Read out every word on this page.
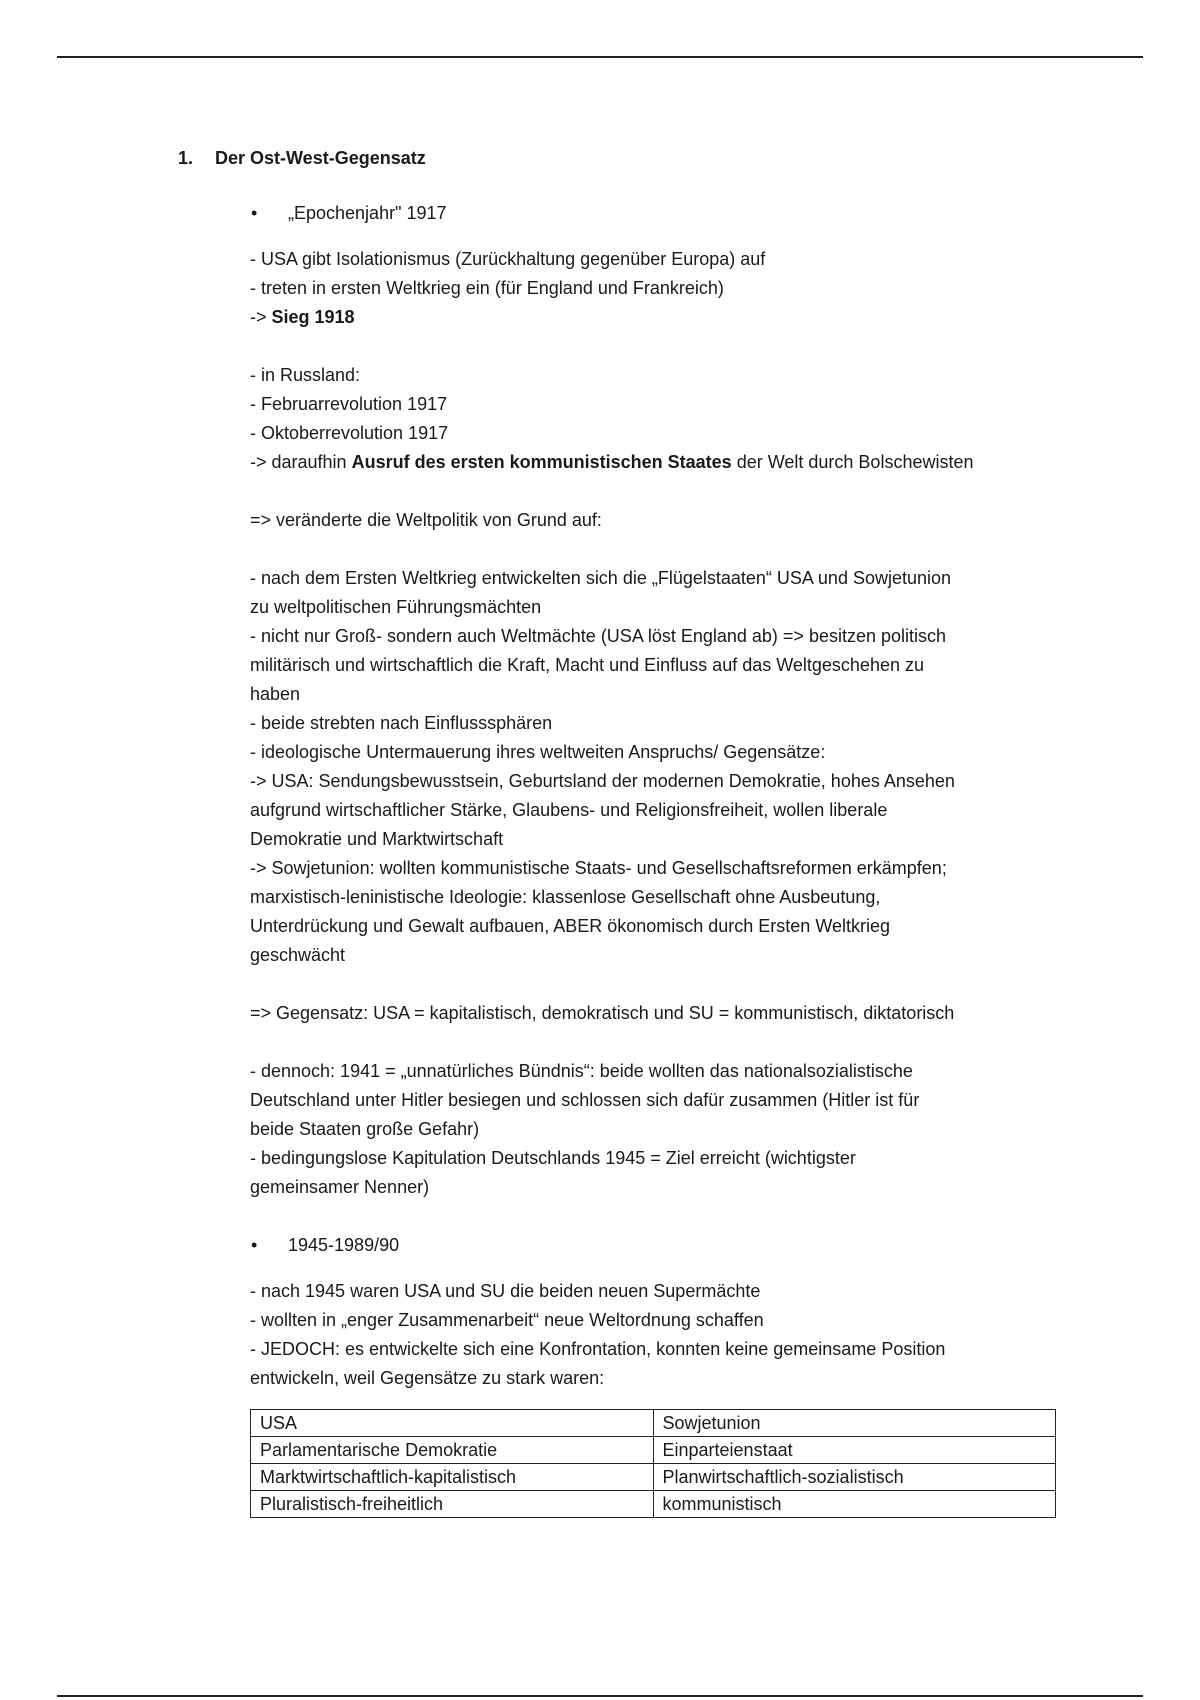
1. Der Ost-West-Gegensatz
• „Epochenjahr" 1917
- USA gibt Isolationismus (Zurückhaltung gegenüber Europa) auf
- treten in ersten Weltkrieg ein (für England und Frankreich)
-> Sieg 1918
- in Russland:
- Februarrevolution 1917
- Oktoberrevolution 1917
-> daraufhin Ausruf des ersten kommunistischen Staates der Welt durch Bolschewisten
=> veränderte die Weltpolitik von Grund auf:
- nach dem Ersten Weltkrieg entwickelten sich die „Flügelstaaten“ USA und Sowjetunion
zu weltpolitischen Führungsmächten
- nicht nur Groß- sondern auch Weltmächte (USA löst England ab) => besitzen politisch
militärisch und wirtschaftlich die Kraft, Macht und Einfluss auf das Weltgeschehen zu
haben
- beide strebten nach Einflusssphären
- ideologische Untermauerung ihres weltweiten Anspruchs/ Gegensätze:
-> USA: Sendungsbewusstsein, Geburtsland der modernen Demokratie, hohes Ansehen
aufgrund wirtschaftlicher Stärke, Glaubens- und Religionsfreiheit, wollen liberale
Demokratie und Marktwirtschaft
-> Sowjetunion: wollten kommunistische Staats- und Gesellschaftsreformen erkämpfen;
marxistisch-leninistische Ideologie: klassenlose Gesellschaft ohne Ausbeutung,
Unterdrückung und Gewalt aufbauen, ABER ökonomisch durch Ersten Weltkrieg
geschwächt
=> Gegensatz: USA = kapitalistisch, demokratisch und SU = kommunistisch, diktatorisch
- dennoch: 1941 = „unnatürliches Bündnis“: beide wollten das nationalsozialistische
Deutschland unter Hitler besiegen und schlossen sich dafür zusammen (Hitler ist für
beide Staaten große Gefahr)
- bedingungslose Kapitulation Deutschlands 1945 = Ziel erreicht (wichtigster
gemeinsamer Nenner)
• 1945-1989/90
- nach 1945 waren USA und SU die beiden neuen Supermächte
- wollten in „enger Zusammenarbeit“ neue Weltordnung schaffen
- JEDOCH: es entwickelte sich eine Konfrontation, konnten keine gemeinsame Position
entwickeln, weil Gegensätze zu stark waren:
USA	Sowjetunion
Parlamentarische Demokratie	Einparteienstaat
Marktwirtschaftlich-kapitalistisch	Planwirtschaftlich-sozialistisch
Pluralistisch-freiheitlich	kommunistisch
